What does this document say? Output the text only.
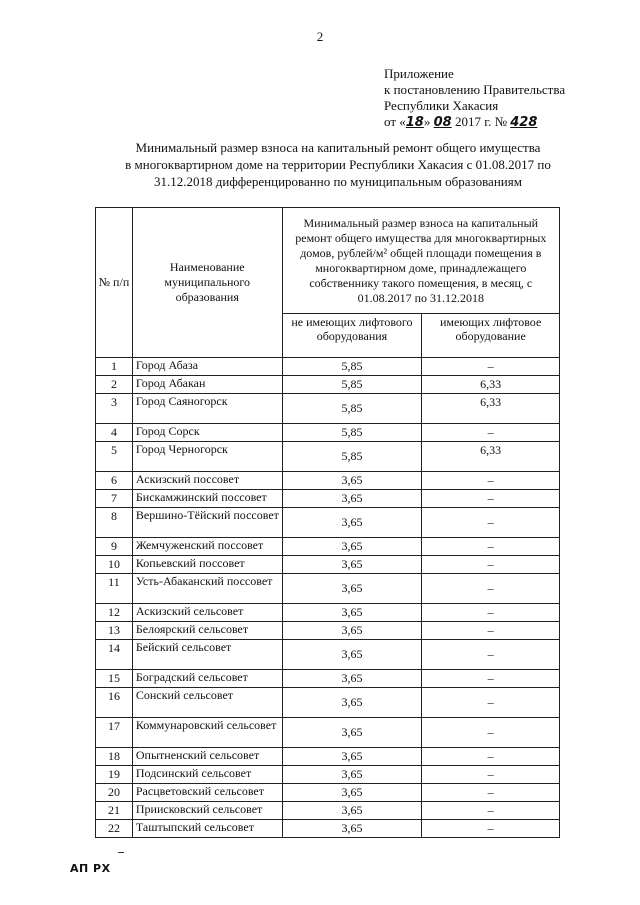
2
Приложение
к постановлению Правительства
Республики Хакасия
от «18» 08 2017 г. № 428
Минимальный размер взноса на капитальный ремонт общего имущества
в многоквартирном доме на территории Республики Хакасия с 01.08.2017 по
31.12.2018 дифференцированно по муниципальным образованиям
№ п/п	Наименование муниципального образования	Минимальный размер взноса на капитальный ремонт общего имущества для многоквартирных домов, рублей/м² общей площади помещения в многоквартирном доме, принадлежащего собственнику такого помещения, в месяц, с 01.08.2017 по 31.12.2018	
		не имеющих лифтового оборудования	имеющих лифтовое оборудование
1	Город Абаза	5,85	–
2	Город Абакан	5,85	6,33
3	Город Саяногорск	5,85	6,33
4	Город Сорск	5,85	–
5	Город Черногорск	5,85	6,33
6	Аскизский поссовет	3,65	–
7	Бискамжинский поссовет	3,65	–
8	Вершино-Тёйский поссовет	3,65	–
9	Жемчуженский поссовет	3,65	–
10	Копьевский поссовет	3,65	–
11	Усть-Абаканский поссовет	3,65	–
12	Аскизский сельсовет	3,65	–
13	Белоярский сельсовет	3,65	–
14	Бейский сельсовет	3,65	–
15	Боградский сельсовет	3,65	–
16	Сонский сельсовет	3,65	–
17	Коммунаровский сельсовет	3,65	–
18	Опытненский сельсовет	3,65	–
19	Подсинский сельсовет	3,65	–
20	Расцветовский сельсовет	3,65	–
21	Приисковский сельсовет	3,65	–
22	Таштыпский сельсовет	3,65	–
АП РХ
